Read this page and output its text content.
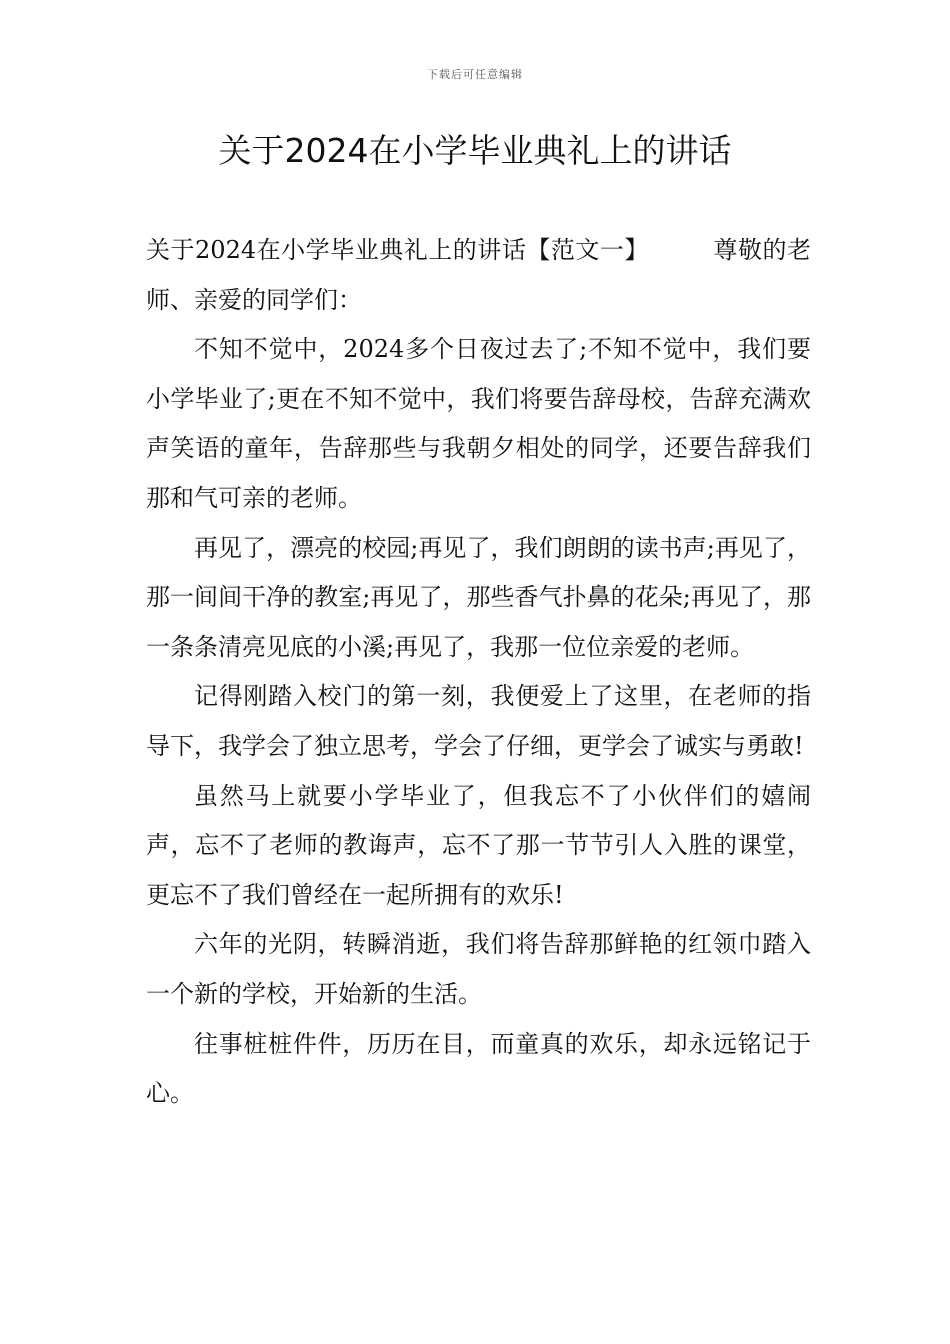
下载后可任意编辑
关于2024在小学毕业典礼上的讲话

关于2024在小学毕业典礼上的讲话【范文一】	尊敬的老师、亲爱的同学们：

不知不觉中，2024多个日夜过去了;不知不觉中，我们要小学毕业了;更在不知不觉中，我们将要告辞母校，告辞充满欢声笑语的童年，告辞那些与我朝夕相处的同学，还要告辞我们那和气可亲的老师。

再见了，漂亮的校园;再见了，我们朗朗的读书声;再见了，那一间间干净的教室;再见了，那些香气扑鼻的花朵;再见了，那一条条清亮见底的小溪;再见了，我那一位位亲爱的老师。

记得刚踏入校门的第一刻，我便爱上了这里，在老师的指导下，我学会了独立思考，学会了仔细，更学会了诚实与勇敢!

虽然马上就要小学毕业了，但我忘不了小伙伴们的嬉闹声，忘不了老师的教诲声，忘不了那一节节引人入胜的课堂，更忘不了我们曾经在一起所拥有的欢乐!

六年的光阴，转瞬消逝，我们将告辞那鲜艳的红领巾踏入一个新的学校，开始新的生活。

往事桩桩件件，历历在目，而童真的欢乐，却永远铭记于心。
